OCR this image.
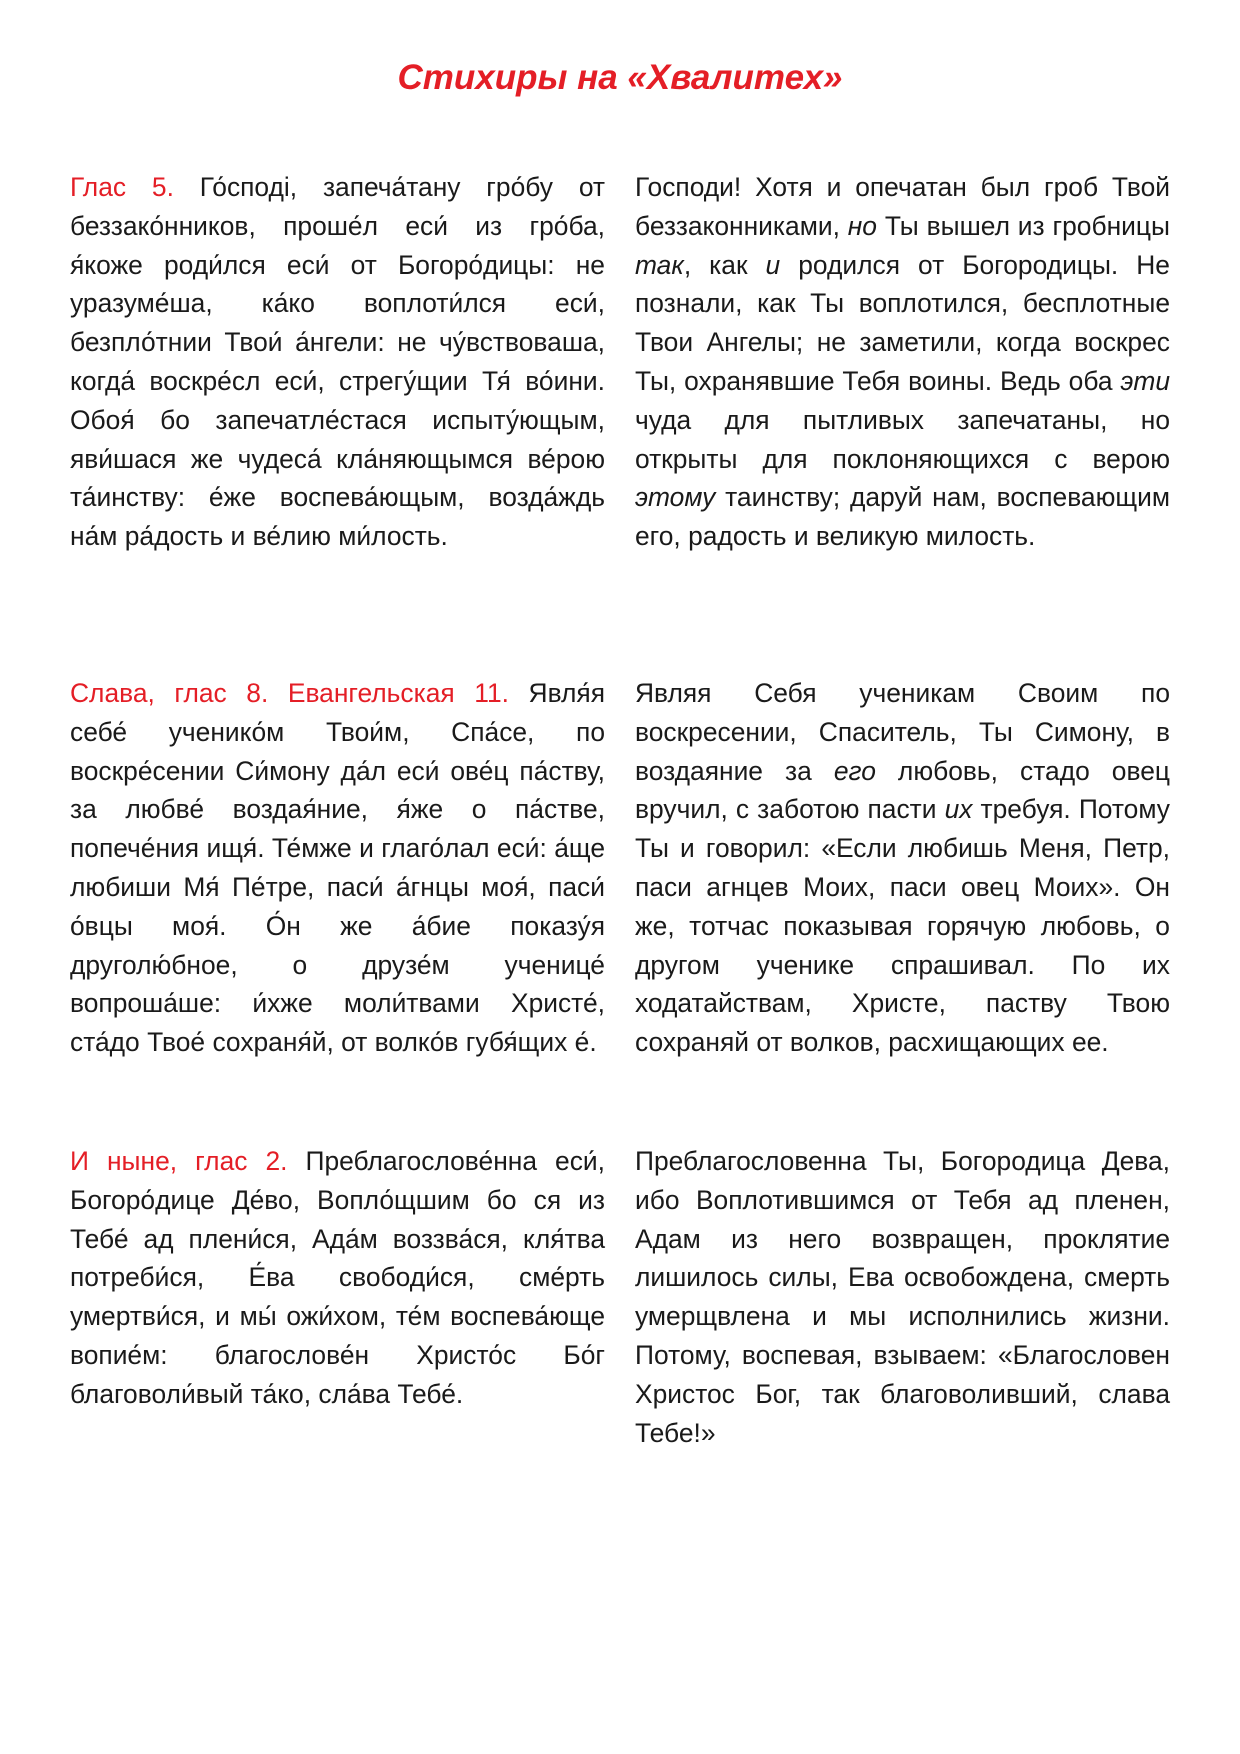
Стихиры на «Хвалитех»

Глас 5. Го́сподi, запеча́тану гро́бу от беззако́нников, проше́л еси́ из гро́ба, я́коже роди́лся еси́ от Богоро́дицы: не уразуме́ша, ка́ко воплоти́лся еси́, безпло́тнии Твои́ а́нгели: не чу́вствоваша, когда́ воскре́сл еси́, стрегу́щии Тя́ во́ини. Обоя́ бо запечатле́стася испыту́ющым, яви́шася же чудеса́ кла́няющымся ве́рою та́инству: е́же воспева́ющым, возда́ждь на́м ра́дость и ве́лию ми́лость.

Господи! Хотя и опечатан был гроб Твой беззаконниками, но Ты вышел из гробницы так, как и родился от Богородицы. Не познали, как Ты воплотился, бесплотные Твои Ангелы; не заметили, когда воскрес Ты, охранявшие Тебя воины. Ведь оба эти чуда для пытливых запечатаны, но открыты для поклоняющихся с верою этому таинству; даруй нам, воспевающим его, радость и великую милость.

Слава, глас 8. Евангельская 11. Явля́я себе́ ученико́м Твои́м, Спа́се, по воскре́сении Си́мону да́л еси́ ове́ц па́ству, за любве́ воздая́ние, я́же о па́стве, попече́ния ищя́. Те́мже и глаго́лал еси́: а́ще любиши Мя́ Пе́тре, паси́ а́гнцы моя́, паси́ о́вцы моя́. О́н же а́бие показу́я друголю́бное, о друзе́м ученице́ вопроша́ше: и́хже моли́твами Христе́, ста́до Твое́ сохраня́й, от волко́в губя́щих е́.

Являя Себя ученикам Своим по воскресении, Спаситель, Ты Симону, в воздаяние за его любовь, стадо овец вручил, с заботою пасти их требуя. Потому Ты и говорил: «Если любишь Меня, Петр, паси агнцев Моих, паси овец Моих». Он же, тотчас показывая горячую любовь, о другом ученике спрашивал. По их ходатайствам, Христе, паству Твою сохраняй от волков, расхищающих ее.

И ныне, глас 2. Преблагослове́нна еси́, Богоро́дице Де́во, Вопло́щшим бо ся из Тебе́ ад плени́ся, Ада́м воззва́ся, кля́тва потреби́ся, Е́ва свободи́ся, сме́рть умертви́ся, и мы́ ожи́хом, те́м воспева́юще вопие́м: благослове́н Христо́с Бо́г благоволи́вый та́ко, сла́ва Тебе́.

Преблагословенна Ты, Богородица Дева, ибо Воплотившимся от Тебя ад пленен, Адам из него возвращен, проклятие лишилось силы, Ева освобождена, смерть умерщвлена и мы исполнились жизни. Потому, воспевая, взываем: «Благословен Христос Бог, так благоволивший, слава Тебе!»
